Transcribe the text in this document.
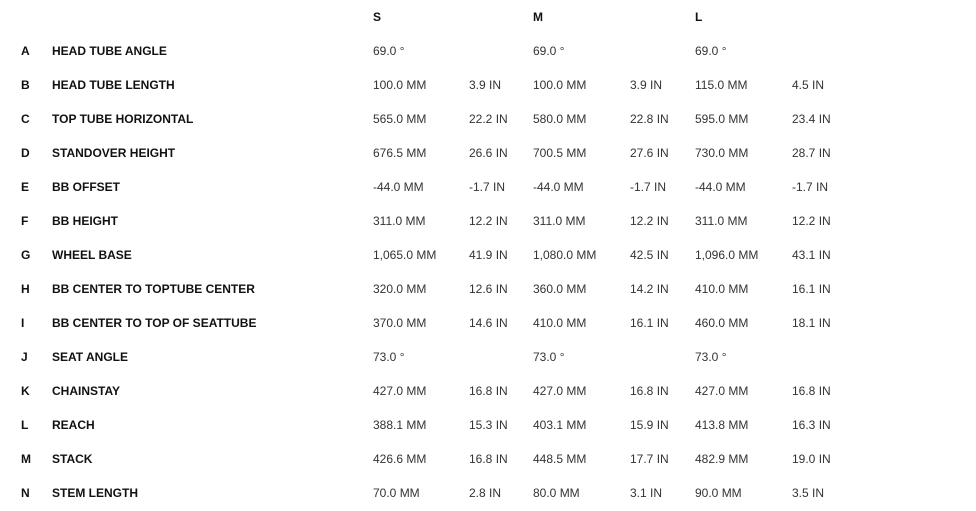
S	M	L
A HEAD TUBE ANGLE	69.0 °	69.0 °	69.0 °
B HEAD TUBE LENGTH	100.0 MM	3.9 IN	100.0 MM	3.9 IN	115.0 MM	4.5 IN
C TOP TUBE HORIZONTAL	565.0 MM	22.2 IN 580.0 MM	22.8 IN 595.0 MM	23.4 IN
D STANDOVER HEIGHT	676.5 MM	26.6 IN 700.5 MM	27.6 IN 730.0 MM	28.7 IN
E BB OFFSET	-44.0 MM	-1.7 IN -44.0 MM	-1.7 IN -44.0 MM	-1.7 IN
F BB HEIGHT	311.0 MM	12.2 IN 311.0 MM	12.2 IN 311.0 MM	12.2 IN
G WHEEL BASE	1,065.0 MM	41.9 IN 1,080.0 MM	42.5 IN 1,096.0 MM	43.1 IN
H BB CENTER TO TOPTUBE CENTER	320.0 MM	12.6 IN 360.0 MM	14.2 IN 410.0 MM	16.1 IN
I BB CENTER TO TOP OF SEATTUBE	370.0 MM	14.6 IN 410.0 MM	16.1 IN 460.0 MM	18.1 IN
J SEAT ANGLE	73.0 °	73.0 °	73.0 °
K CHAINSTAY	427.0 MM	16.8 IN 427.0 MM	16.8 IN 427.0 MM	16.8 IN
L REACH	388.1 MM	15.3 IN 403.1 MM	15.9 IN 413.8 MM	16.3 IN
M STACK	426.6 MM	16.8 IN 448.5 MM	17.7 IN 482.9 MM	19.0 IN
N STEM LENGTH	70.0 MM	2.8 IN	80.0 MM	3.1 IN	90.0 MM	3.5 IN
